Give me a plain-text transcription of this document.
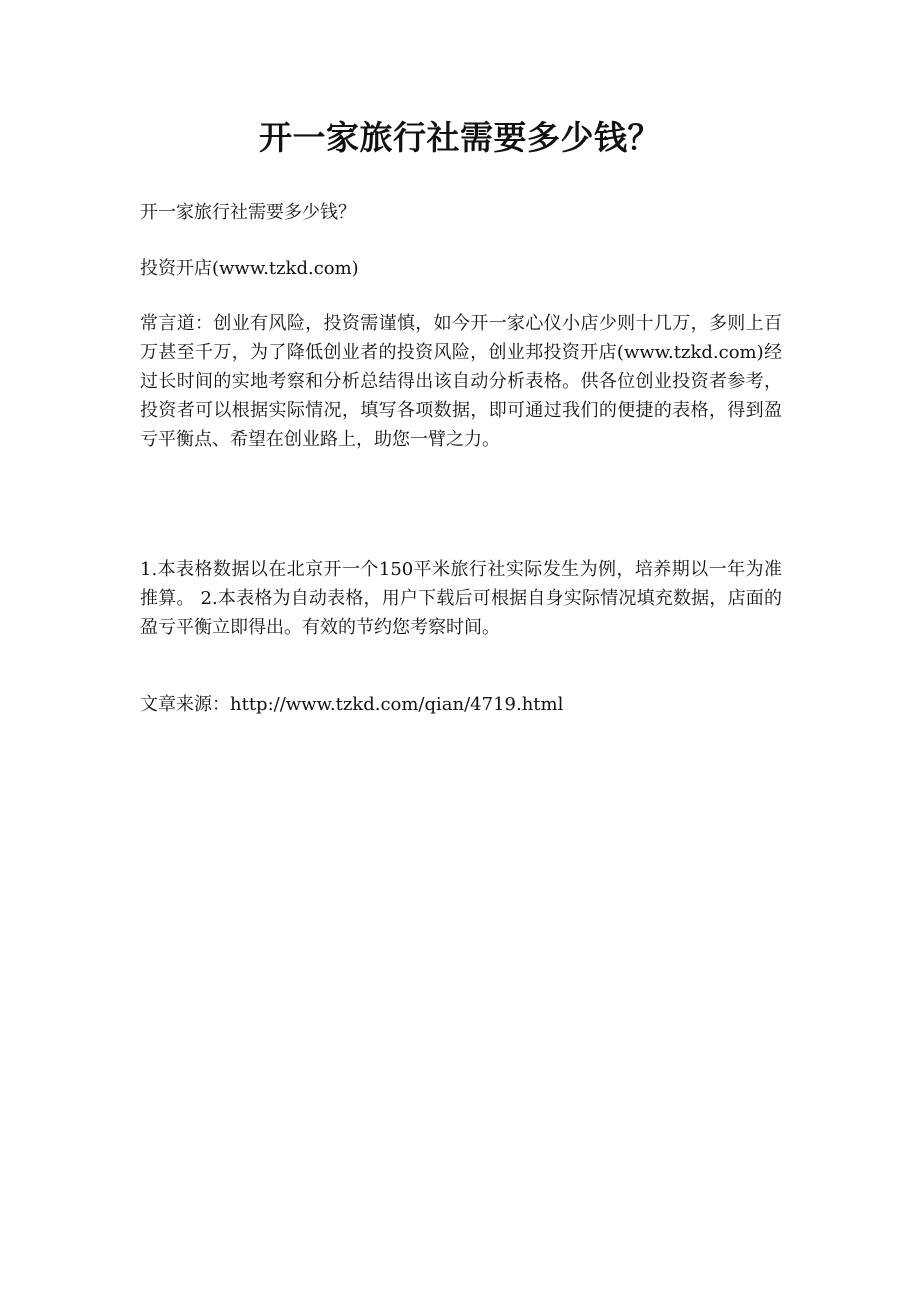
开一家旅行社需要多少钱？

开一家旅行社需要多少钱？

投资开店(www.tzkd.com)

常言道：创业有风险，投资需谨慎，如今开一家心仪小店少则十几万，多则上百万甚至千万，为了降低创业者的投资风险，创业邦投资开店(www.tzkd.com)经过长时间的实地考察和分析总结得出该自动分析表格。供各位创业投资者参考，投资者可以根据实际情况，填写各项数据，即可通过我们的便捷的表格，得到盈亏平衡点、希望在创业路上，助您一臂之力。

1.本表格数据以在北京开一个150平米旅行社实际发生为例，培养期以一年为准推算。 2.本表格为自动表格，用户下载后可根据自身实际情况填充数据，店面的盈亏平衡立即得出。有效的节约您考察时间。

文章来源：http://www.tzkd.com/qian/4719.html
